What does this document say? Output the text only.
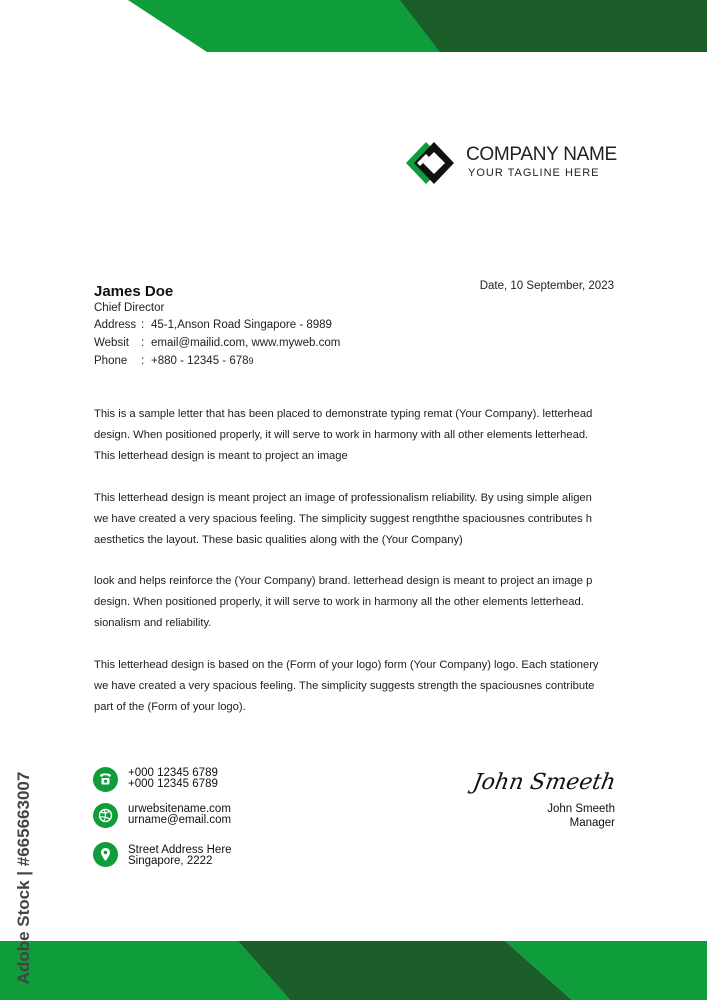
COMPANY NAME
YOUR TAGLINE HERE
James Doe
Chief Director
Date, 10 September, 2023
Address : 45-1,Anson Road Singapore - 8989
Websit : email@mailid.com, www.myweb.com
Phone : +880 - 12345 - 6789
This is a sample letter that has been placed to demonstrate typing remat (Your Company). letterhead
design. When positioned properly, it will serve to work in harmony with all other elements letterhead.
This letterhead design is meant to project an image
This letterhead design is meant project an image of professionalism reliability. By using simple aligen
we have created a very spacious feeling. The simplicity suggest rengththe spaciousnes contributes h
aesthetics the layout. These basic qualities along with the (Your Company)
look and helps reinforce the (Your Company) brand. letterhead design is meant to project an image p
design. When positioned properly, it will serve to work in harmony all the other elements letterhead.
sionalism and reliability.
This letterhead design is based on the (Form of your logo) form (Your Company) logo. Each stationery
we have created a very spacious feeling. The simplicity suggests strength the spaciousnes contribute
part of the (Form of your logo).
+000 12345 6789
+000 12345 6789
urwebsitename.com
urname@email.com
Street Address Here
Singapore, 2222
John Smeeth
John Smeeth
Manager
Adobe Stock | #665663007
